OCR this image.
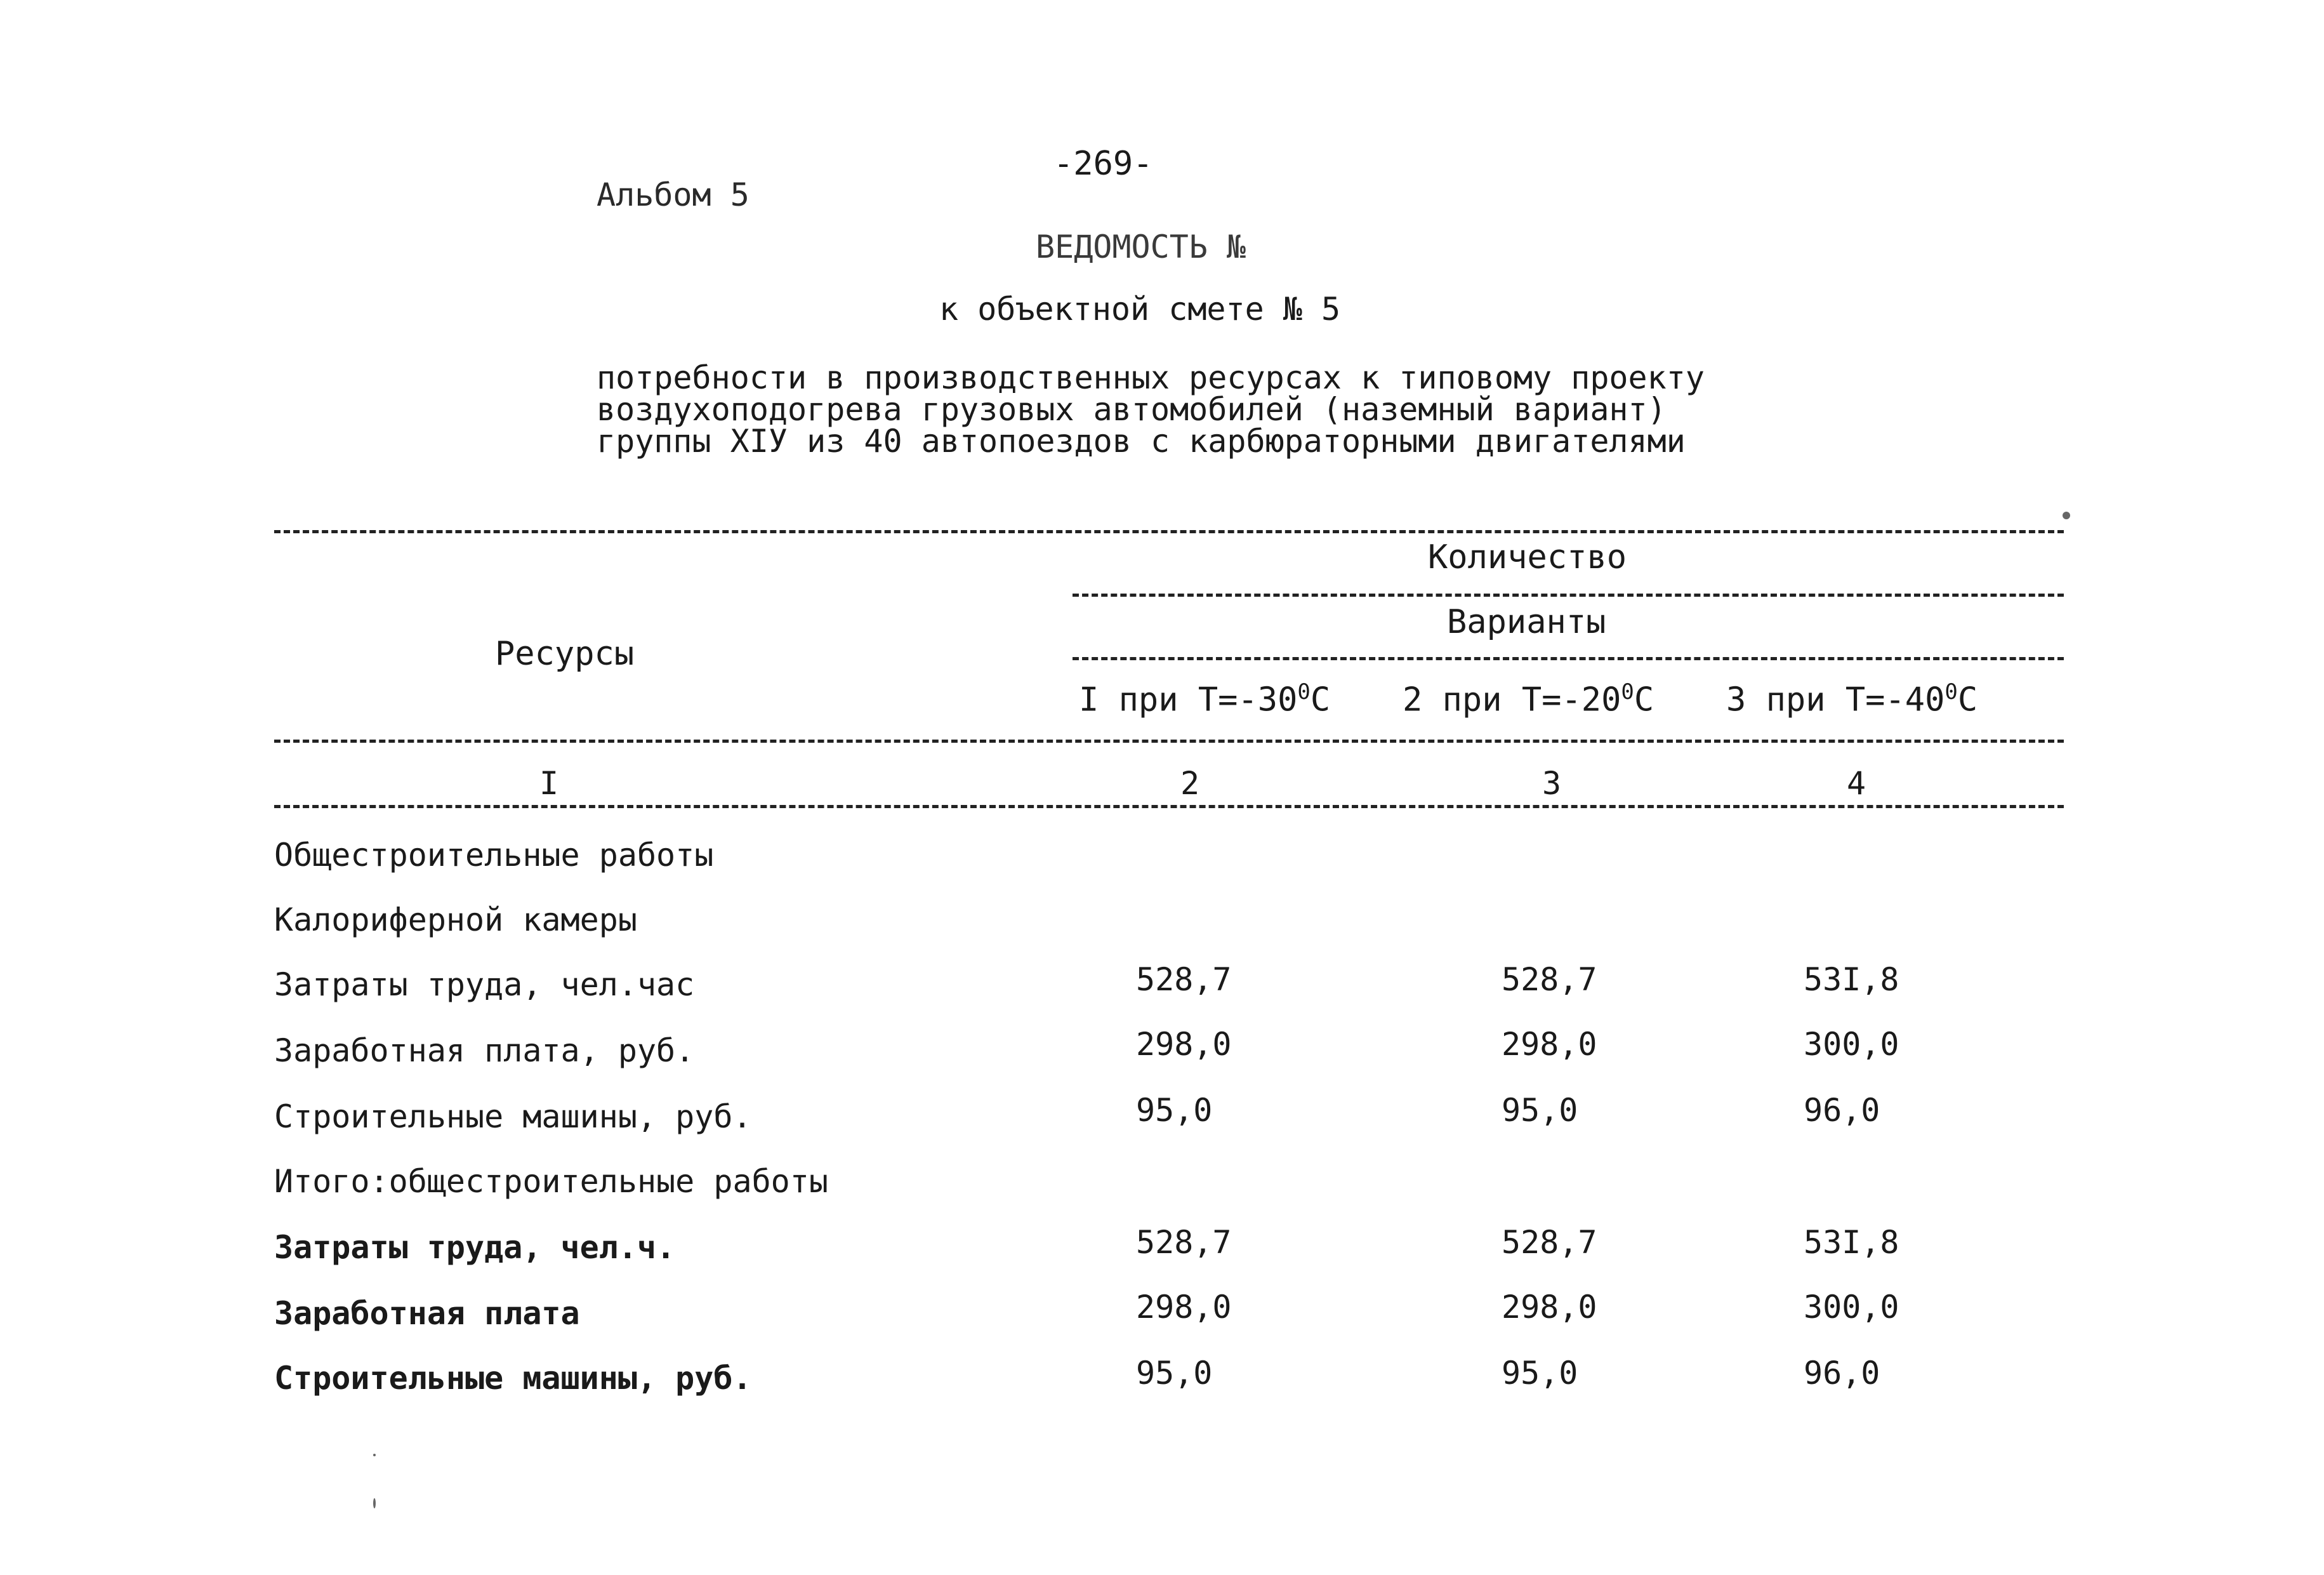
-269-
Альбом 5
ВЕДОМОСТЬ №
к объектной смете № 5
потребности в производственных ресурсах к типовому проекту
воздухоподогрева грузовых автомобилей (наземный вариант)
группы XIУ из 40 автопоездов с карбюраторными двигателями
Ресурсы
Количество
Варианты
I при $Т=-30^0С$ 2 при $Т=-20^0С$ 3 при $Т=-40^0С$
I	2	3	4
Общестроительные работы
Калориферной камеры
Затраты труда, чел.час	528,7	528,7	53I,8
Заработная плата, руб.	298,0	298,0	300,0
Строительные машины, руб.	95,0	95,0	96,0
Итого:общестроительные работы
Затраты труда, чел.ч.	528,7	528,7	53I,8
Заработная плата	298,0	298,0	300,0
Строительные машины, руб.	95,0	95,0	96,0
